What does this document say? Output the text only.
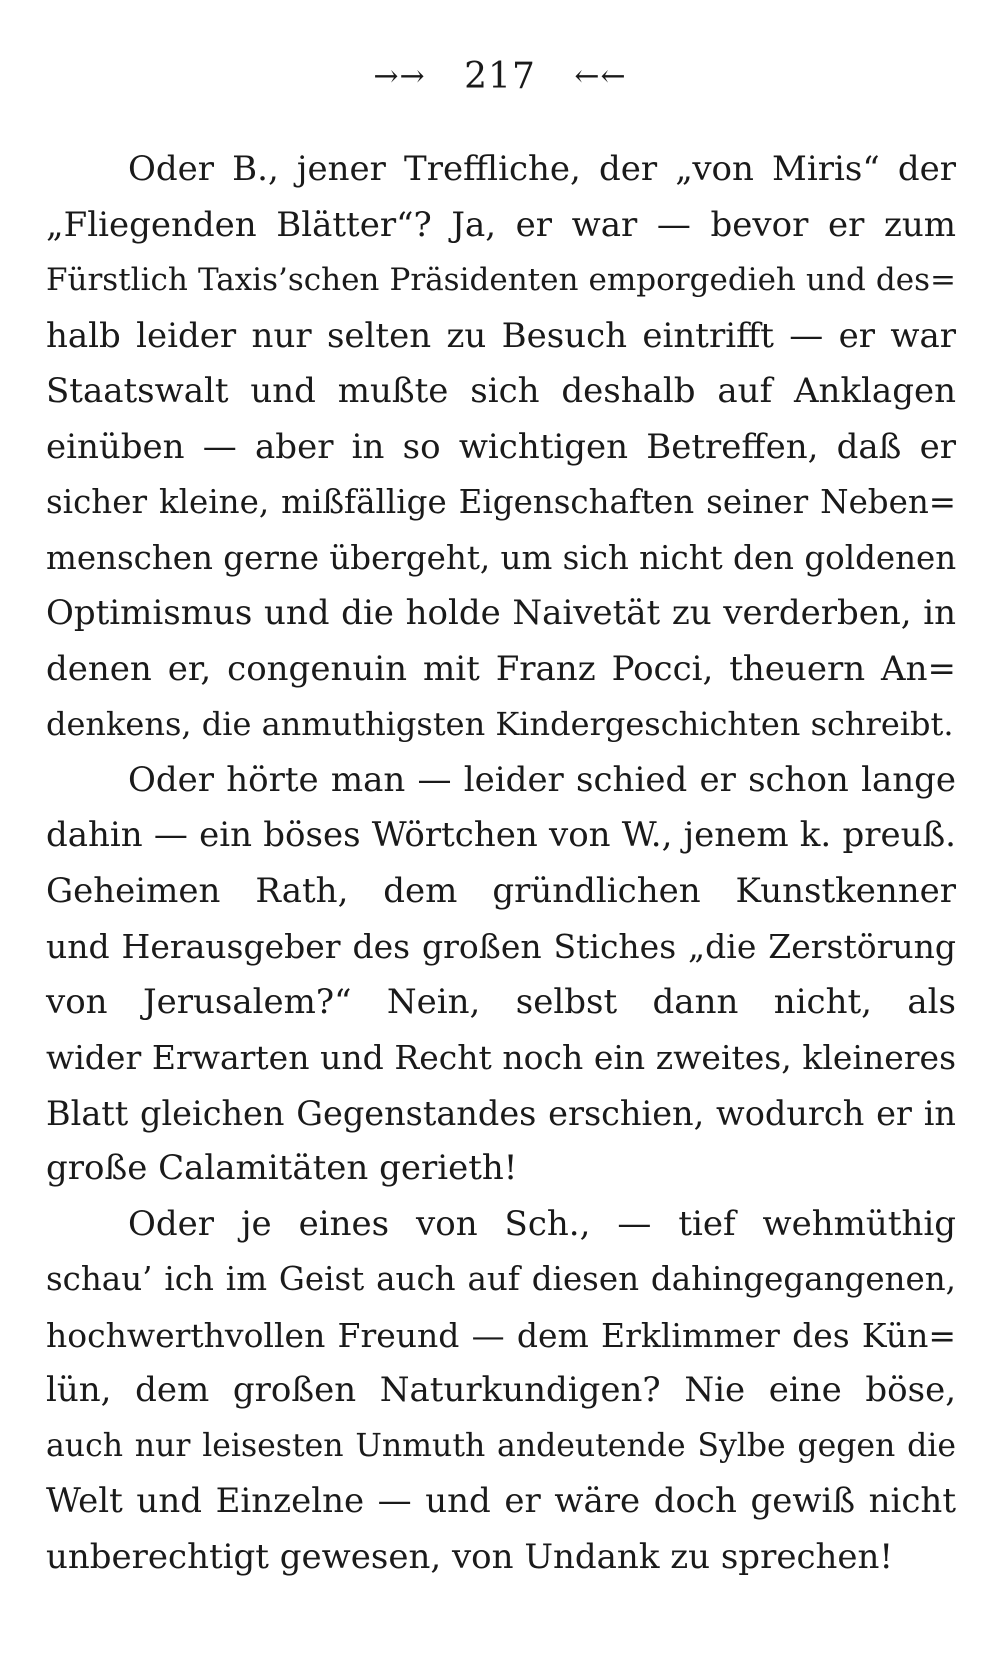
→→ 217 ←←

Oder B., jener Treffliche, der „von Miris“ der
„Fliegenden Blätter“? Ja, er war — bevor er zum
Fürstlich Taxis’schen Präsidenten emporgedieh und des=
halb leider nur selten zu Besuch eintrifft — er war
Staatswalt und mußte sich deshalb auf Anklagen
einüben — aber in so wichtigen Betreffen, daß er
sicher kleine, mißfällige Eigenschaften seiner Neben=
menschen gerne übergeht, um sich nicht den goldenen
Optimismus und die holde Naivetät zu verderben, in
denen er, congenuin mit Franz Pocci, theuern An=
denkens, die anmuthigsten Kindergeschichten schreibt.

Oder hörte man — leider schied er schon lange
dahin — ein böses Wörtchen von W., jenem k. preuß.
Geheimen Rath, dem gründlichen Kunstkenner
und Herausgeber des großen Stiches „die Zerstörung
von Jerusalem?“ Nein, selbst dann nicht, als
wider Erwarten und Recht noch ein zweites, kleineres
Blatt gleichen Gegenstandes erschien, wodurch er in
große Calamitäten gerieth!

Oder je eines von Sch., — tief wehmüthig
schau’ ich im Geist auch auf diesen dahingegangenen,
hochwerthvollen Freund — dem Erklimmer des Kün=
lün, dem großen Naturkundigen? Nie eine böse,
auch nur leisesten Unmuth andeutende Sylbe gegen die
Welt und Einzelne — und er wäre doch gewiß nicht
unberechtigt gewesen, von Undank zu sprechen!
